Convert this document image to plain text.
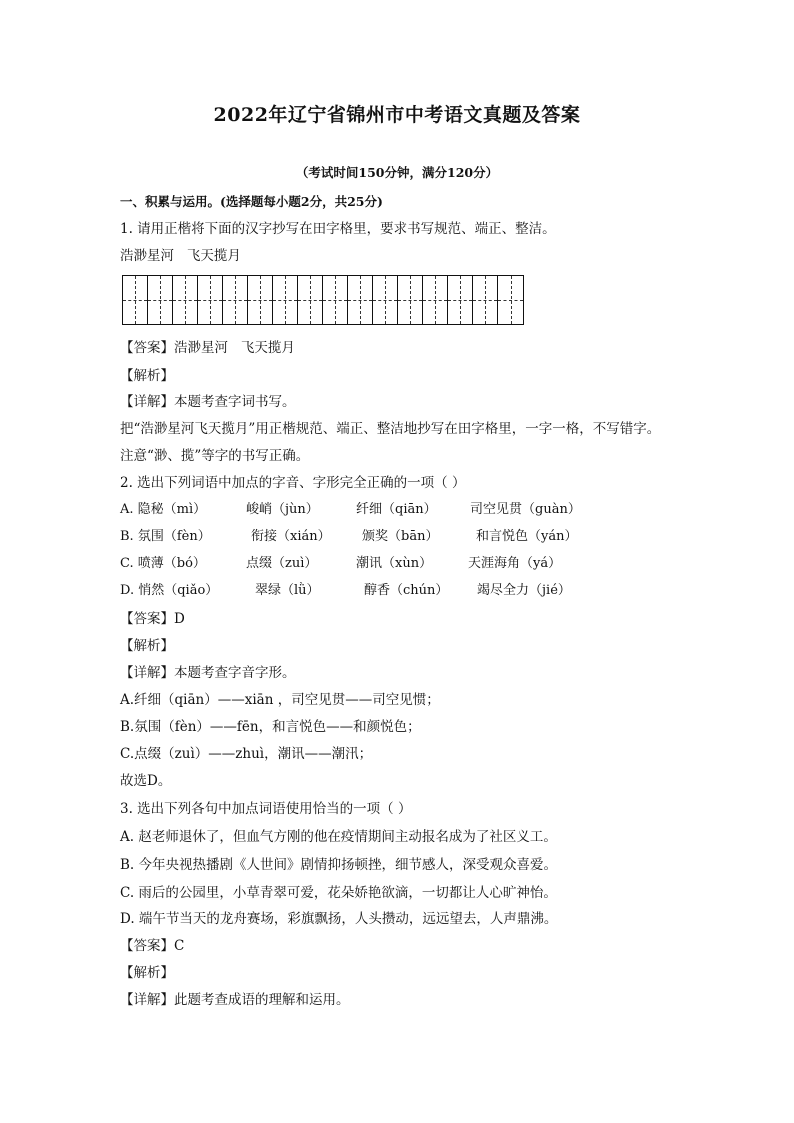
2022年辽宁省锦州市中考语文真题及答案
（考试时间150分钟，满分120分）
一、积累与运用。(选择题每小题2分，共25分)
1. 请用正楷将下面的汉字抄写在田字格里，要求书写规范、端正、整洁。
浩渺星河   飞天揽月
【答案】浩渺星河   飞天揽月
【解析】
【详解】本题考查字词书写。
把“浩渺星河飞天揽月”用正楷规范、端正、整洁地抄写在田字格里，一字一格，不写错字。
注意“渺、揽”等字的书写正确。
2. 选出下列词语中加点的字音、字形完全正确的一项（ ）
A. 隐秘（mì）	峻峭（jùn）	纤细（qiān）	司空见贯（guàn）
B. 氛围（fèn）	衔接（xián） 颁奖（bān）	和言悦色（yán）
C. 喷薄（bó）	点缀（zuì）	潮讯（xùn）	天涯海角（yá）
D. 悄然（qiǎo）	翠绿（lǜ）	醇香（chún） 竭尽全力（jié）
【答案】D
【解析】
【详解】本题考查字音字形。
A.纤细（qiān）——xiān ，司空见贯——司空见惯；
B.氛围（fèn）——fēn，和言悦色——和颜悦色；
C.点缀（zuì）——zhuì，潮讯——潮汛；
故选D。
3. 选出下列各句中加点词语使用恰当的一项（ ）
A. 赵老师退休了，但血气方刚的他在疫情期间主动报名成为了社区义工。
B. 今年央视热播剧《人世间》剧情抑扬顿挫，细节感人，深受观众喜爱。
C. 雨后的公园里，小草青翠可爱，花朵娇艳欲滴，一切都让人心旷神怡。
D. 端午节当天的龙舟赛场，彩旗飘扬，人头攒动，远远望去，人声鼎沸。
【答案】C
【解析】
【详解】此题考查成语的理解和运用。
